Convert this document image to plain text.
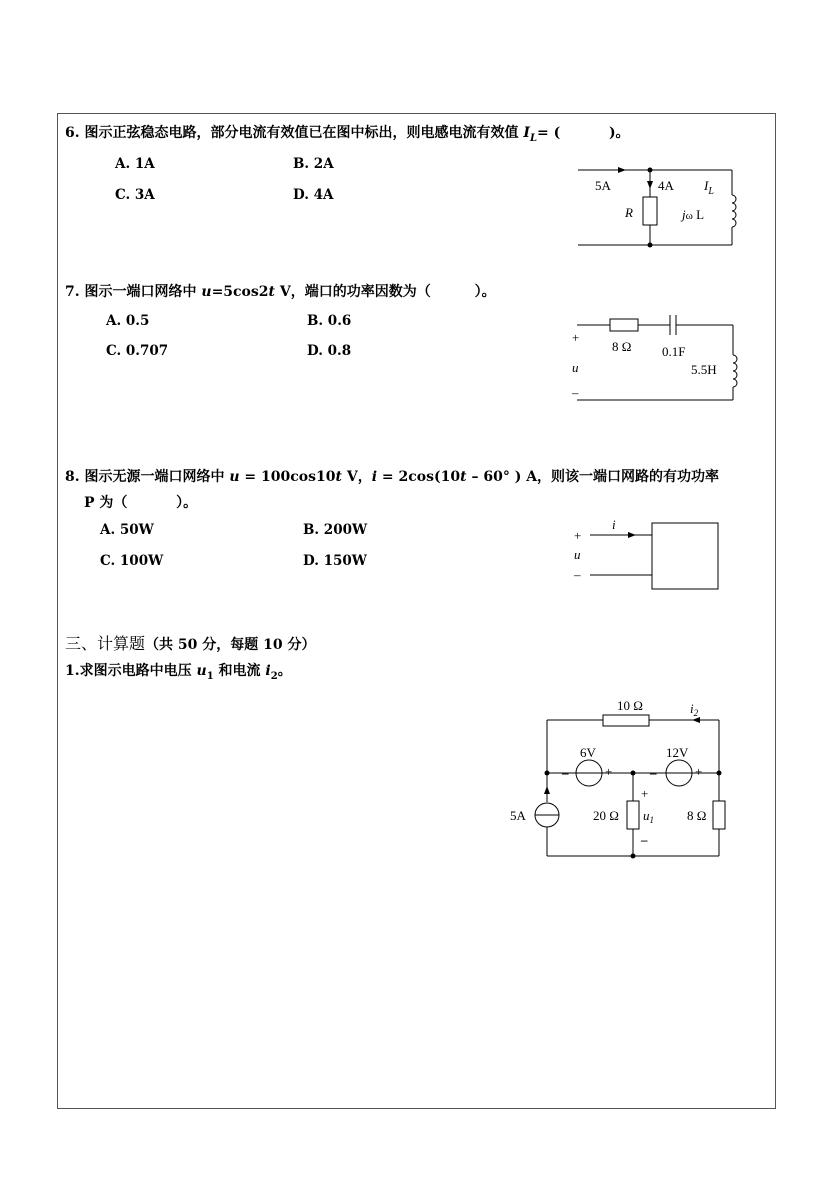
6. 图示正弦稳态电路，部分电流有效值已在图中标出，则电感电流有效值 $I_L=$ (          )。
A. 1A	B. 2A
C. 3A	D. 4A
5A	4A $I_L$
R	jω L
7. 图示一端口网络中 u=5cos2t V，端口的功率因数为（         ）。
A. 0.5	B. 0.6
C. 0.707	D. 0.8
+
u
–
8 Ω 0.1F
5.5H
8. 图示无源一端口网络中 u = 100cos10t V，i = 2cos(10t – 60° ) A，则该一端口网路的有功功率
P 为（          ）。
A. 50W	B. 200W
C. 100W	D. 150W
+
u
–
i
三、计算题（共 50 分，每题 10 分）
1.求图示电路中电压 $u_1$ 和电流 $i_2$。
10 Ω	$i_2$
6V	12V
–	+	–	+
5A	20 Ω
+
$u_1$
–
8 Ω
